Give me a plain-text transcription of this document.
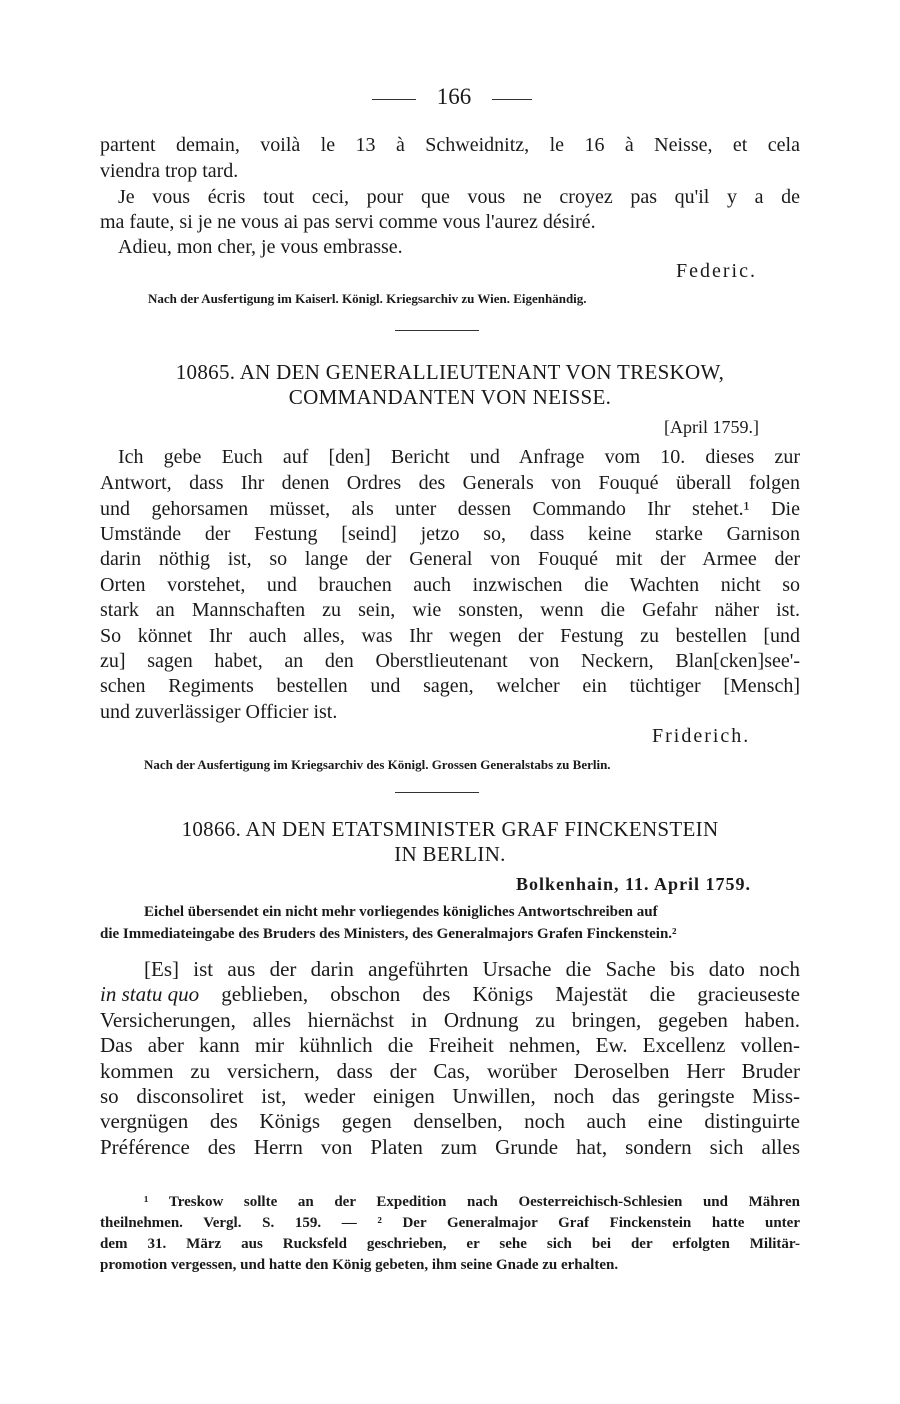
166
partent demain, voilà le 13 à Schweidnitz, le 16 à Neisse, et cela
viendra trop tard.
Je vous écris tout ceci, pour que vous ne croyez pas qu'il y a de
ma faute, si je ne vous ai pas servi comme vous l'aurez désiré.
Adieu, mon cher, je vous embrasse.
Federic.
Nach der Ausfertigung im Kaiserl. Königl. Kriegsarchiv zu Wien. Eigenhändig.
10865. AN DEN GENERALLIEUTENANT VON TRESKOW,
COMMANDANTEN VON NEISSE.
[April 1759.]
Ich gebe Euch auf [den] Bericht und Anfrage vom 10. dieses zur
Antwort, dass Ihr denen Ordres des Generals von Fouqué überall folgen
und gehorsamen müsset, als unter dessen Commando Ihr stehet.¹ Die
Umstände der Festung [seind] jetzo so, dass keine starke Garnison
darin nöthig ist, so lange der General von Fouqué mit der Armee der
Orten vorstehet, und brauchen auch inzwischen die Wachten nicht so
stark an Mannschaften zu sein, wie sonsten, wenn die Gefahr näher ist.
So könnet Ihr auch alles, was Ihr wegen der Festung zu bestellen [und
zu] sagen habet, an den Oberstlieutenant von Neckern, Blan[cken]see'-
schen Regiments bestellen und sagen, welcher ein tüchtiger [Mensch]
und zuverlässiger Officier ist.
Friderich.
Nach der Ausfertigung im Kriegsarchiv des Königl. Grossen Generalstabs zu Berlin.
10866. AN DEN ETATSMINISTER GRAF FINCKENSTEIN
IN BERLIN.
Bolkenhain, 11. April 1759.
Eichel übersendet ein nicht mehr vorliegendes königliches Antwortschreiben auf
die Immediateingabe des Bruders des Ministers, des Generalmajors Grafen Finckenstein.²
[Es] ist aus der darin angeführten Ursache die Sache bis dato noch
in statu quo geblieben, obschon des Königs Majestät die gracieuseste
Versicherungen, alles hiernächst in Ordnung zu bringen, gegeben haben.
Das aber kann mir kühnlich die Freiheit nehmen, Ew. Excellenz vollen-
kommen zu versichern, dass der Cas, worüber Deroselben Herr Bruder
so disconsoliret ist, weder einigen Unwillen, noch das geringste Miss-
vergnügen des Königs gegen denselben, noch auch eine distinguirte
Préférence des Herrn von Platen zum Grunde hat, sondern sich alles
¹ Treskow sollte an der Expedition nach Oesterreichisch-Schlesien und Mähren
theilnehmen. Vergl. S. 159. — ² Der Generalmajor Graf Finckenstein hatte unter
dem 31. März aus Rucksfeld geschrieben, er sehe sich bei der erfolgten Militär-
promotion vergessen, und hatte den König gebeten, ihm seine Gnade zu erhalten.
